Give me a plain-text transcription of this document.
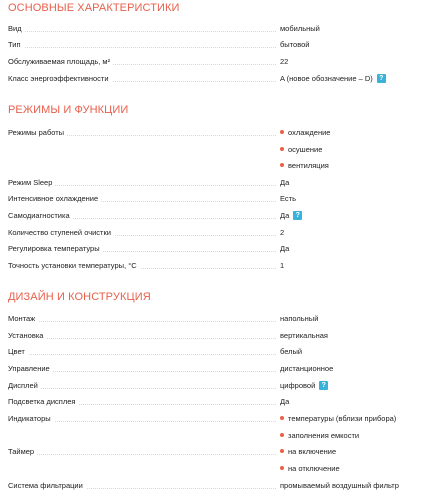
ОСНОВНЫЕ ХАРАКТЕРИСТИКИ
Вид	мобильный
Тип	бытовой
Обслуживаемая площадь, м²	22
Класс энергоэффективности	A (новое обозначение – D) ?
РЕЖИМЫ И ФУНКЦИИ
Режимы работы	охлаждение
осушение
вентиляция
Режим Sleep	Да
Интенсивное охлаждение	Есть
Самодиагностика	Да ?
Количество ступеней очистки	2
Регулировка температуры	Да
Точность установки температуры, °C	1
ДИЗАЙН И КОНСТРУКЦИЯ
Монтаж	напольный
Установка	вертикальная
Цвет	белый
Управление	дистанционное
Дисплей	цифровой ?
Подсветка дисплея	Да
Индикаторы	температуры (вблизи прибора)
заполнения емкости
Таймер	на включение
на отключение
Система фильтрации	промываемый воздушный фильтр
